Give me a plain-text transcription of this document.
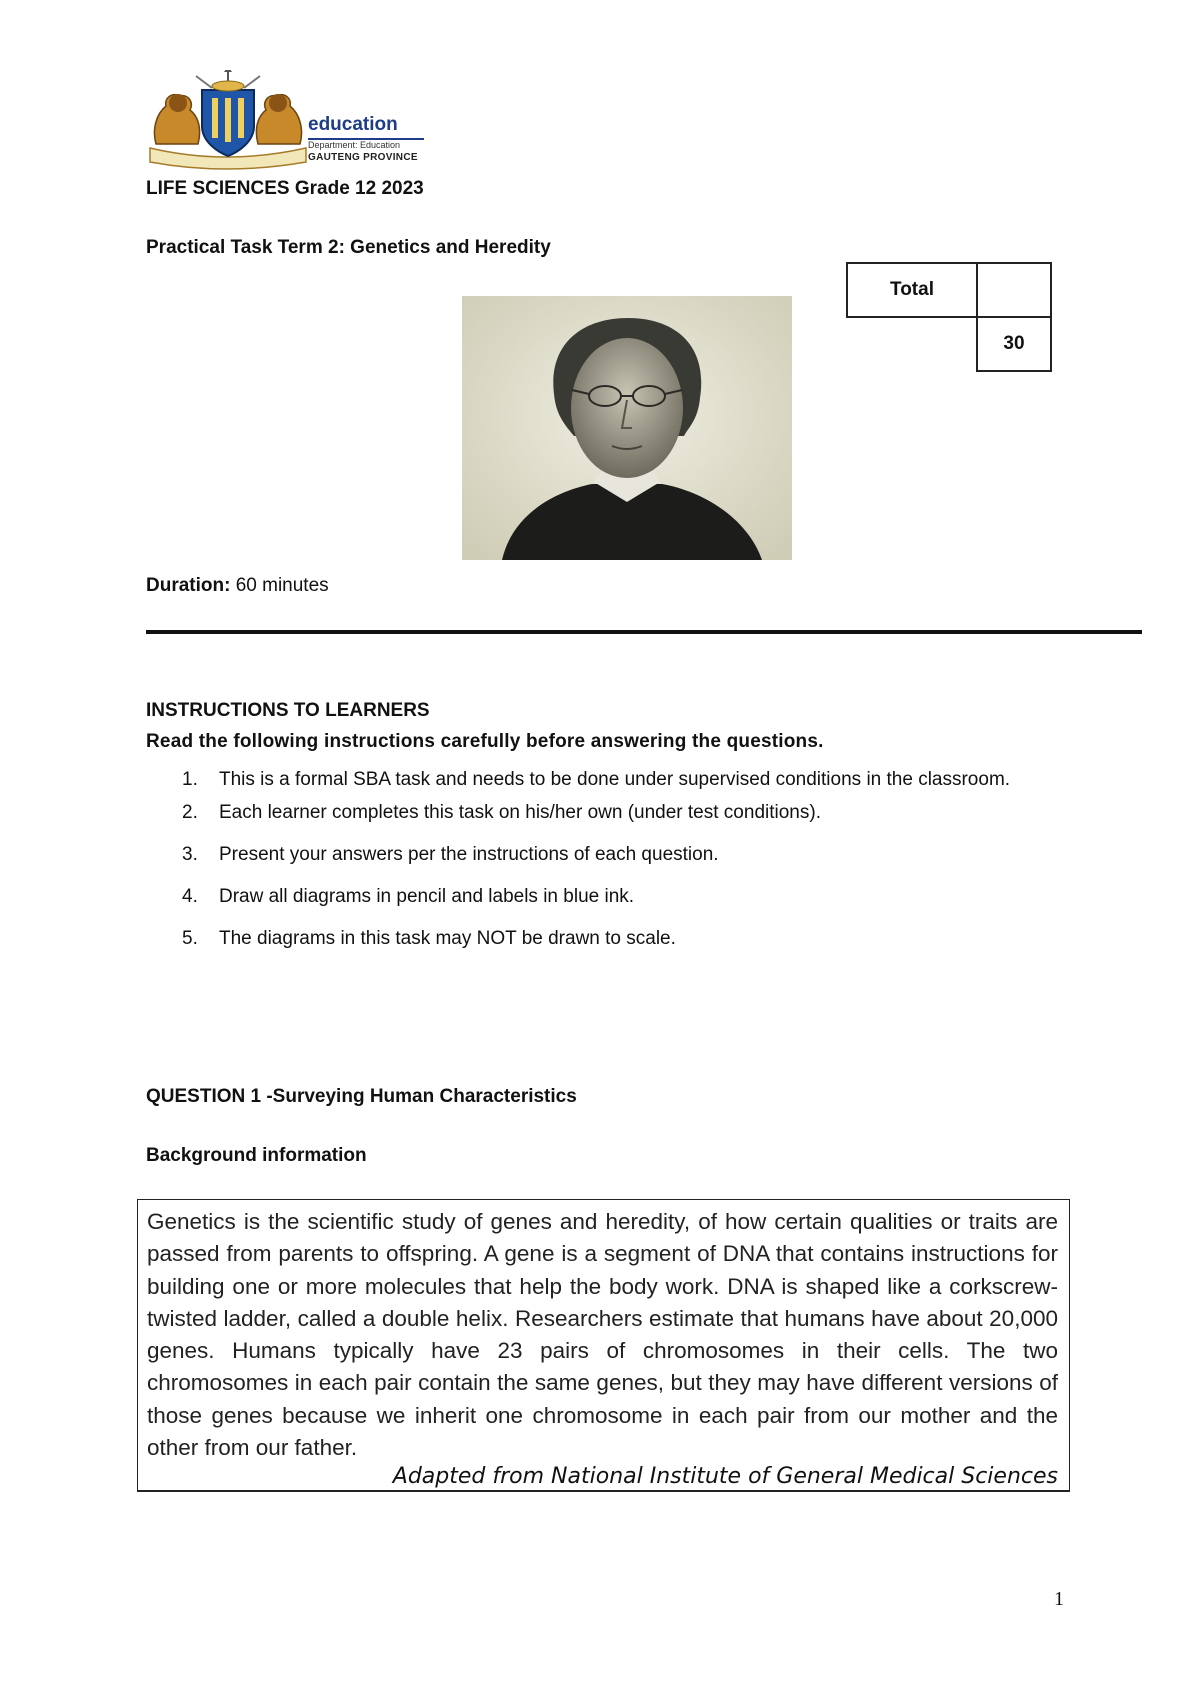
education
Department: Education
GAUTENG PROVINCE
LIFE SCIENCES Grade 12 2023
Practical Task Term 2: Genetics and Heredity
Total	
	30
Duration: 60 minutes
INSTRUCTIONS TO LEARNERS
Read the following instructions carefully before answering the questions.
1. This is a formal SBA task and needs to be done under supervised conditions in the classroom.
2. Each learner completes this task on his/her own (under test conditions).
3. Present your answers per the instructions of each question.
4. Draw all diagrams in pencil and labels in blue ink.
5. The diagrams in this task may NOT be drawn to scale.
QUESTION 1 -Surveying Human Characteristics
Background information
Genetics is the scientific study of genes and heredity, of how certain qualities or traits are passed from parents to offspring. A gene is a segment of DNA that contains instructions for building one or more molecules that help the body work. DNA is shaped like a corkscrew-twisted ladder, called a double helix. Researchers estimate that humans have about 20,000 genes. Humans typically have 23 pairs of chromosomes in their cells. The two chromosomes in each pair contain the same genes, but they may have different versions of those genes because we inherit one chromosome in each pair from our mother and the other from our father.
Adapted from National Institute of General Medical Sciences
1
